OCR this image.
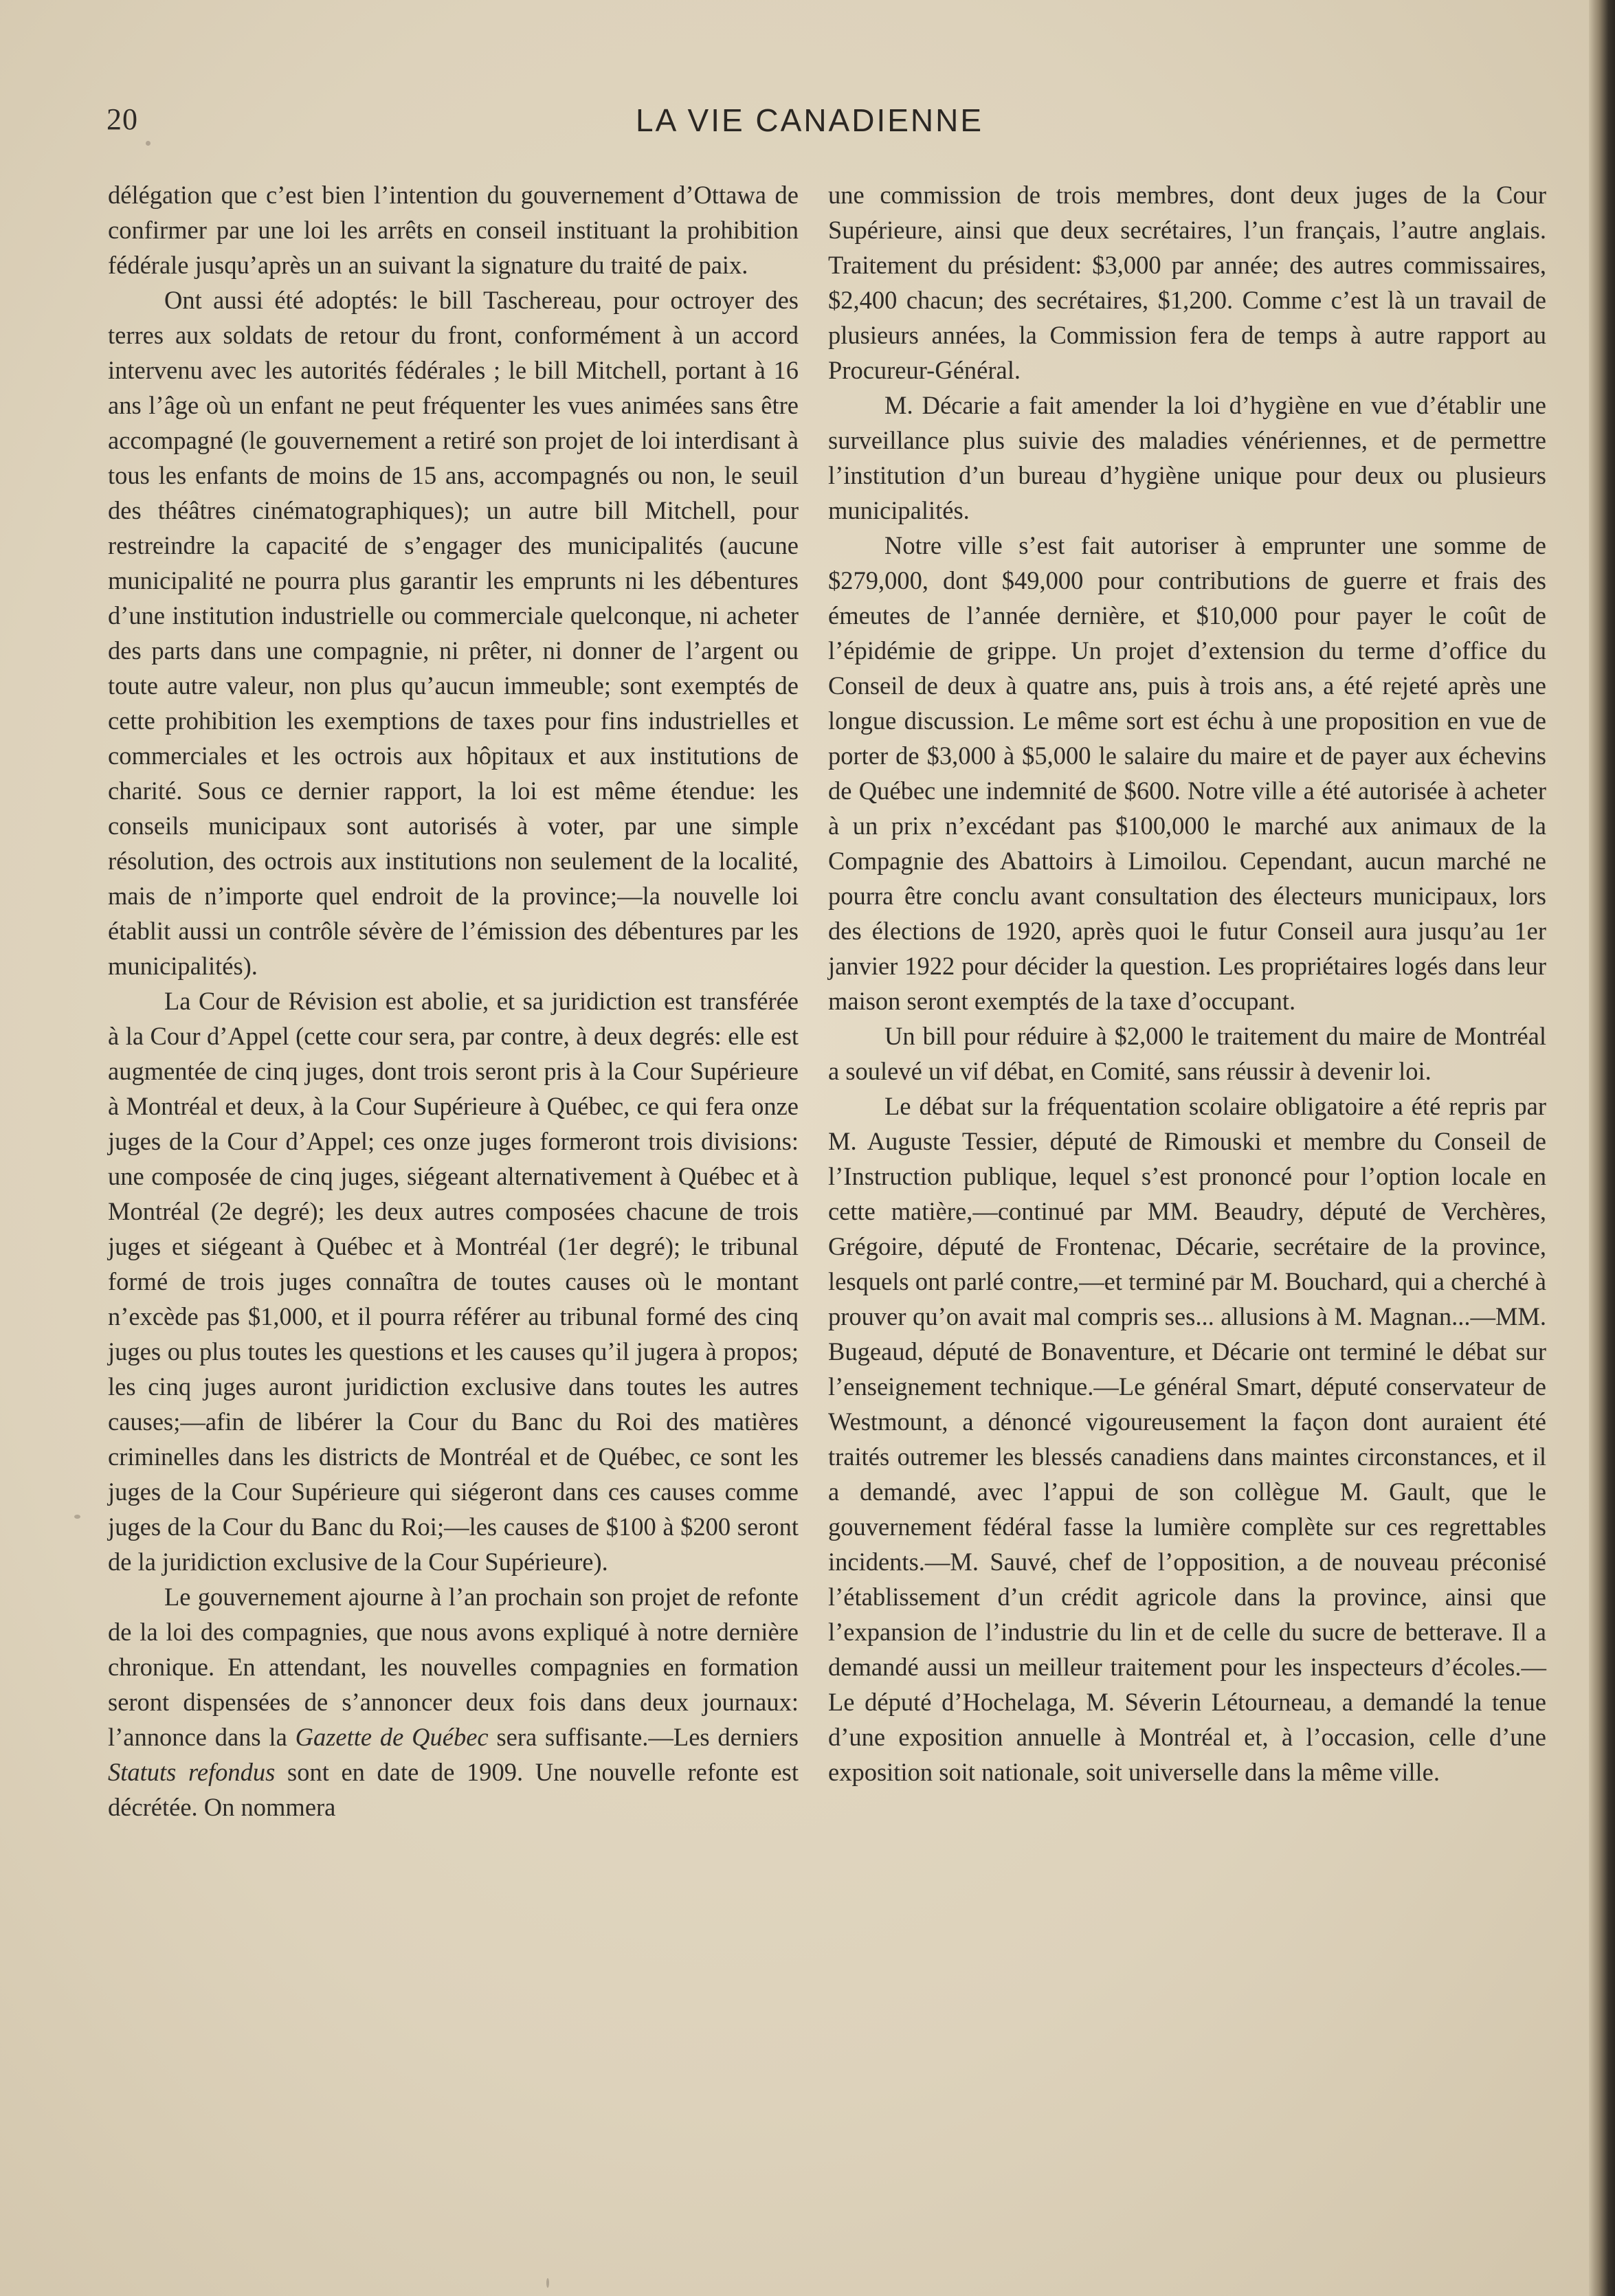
20	LA VIE CANADIENNE

délégation que c’est bien l’intention du gouvernement d’Ottawa de confirmer par une loi les arrêts en conseil instituant la prohibition fédérale jusqu’après un an suivant la signature du traité de paix.

Ont aussi été adoptés: le bill Taschereau, pour octroyer des terres aux soldats de retour du front, conformément à un accord intervenu avec les autorités fédérales ; le bill Mitchell, portant à 16 ans l’âge où un enfant ne peut fréquenter les vues animées sans être accompagné (le gouvernement a retiré son projet de loi interdisant à tous les enfants de moins de 15 ans, accompagnés ou non, le seuil des théâtres cinématographiques); un autre bill Mitchell, pour restreindre la capacité de s’engager des municipalités (aucune municipalité ne pourra plus garantir les emprunts ni les débentures d’une institution industrielle ou commerciale quelconque, ni acheter des parts dans une compagnie, ni prêter, ni donner de l’argent ou toute autre valeur, non plus qu’aucun immeuble; sont exemptés de cette prohibition les exemptions de taxes pour fins industrielles et commerciales et les octrois aux hôpitaux et aux institutions de charité. Sous ce dernier rapport, la loi est même étendue: les conseils municipaux sont autorisés à voter, par une simple résolution, des octrois aux institutions non seulement de la localité, mais de n’importe quel endroit de la province;—la nouvelle loi établit aussi un contrôle sévère de l’émission des débentures par les municipalités).

La Cour de Révision est abolie, et sa juridiction est transférée à la Cour d’Appel (cette cour sera, par contre, à deux degrés: elle est augmentée de cinq juges, dont trois seront pris à la Cour Supérieure à Montréal et deux, à la Cour Supérieure à Québec, ce qui fera onze juges de la Cour d’Appel; ces onze juges formeront trois divisions: une composée de cinq juges, siégeant alternativement à Québec et à Montréal (2e degré); les deux autres composées chacune de trois juges et siégeant à Québec et à Montréal (1er degré); le tribunal formé de trois juges connaîtra de toutes causes où le montant n’excède pas $1,000, et il pourra référer au tribunal formé des cinq juges ou plus toutes les questions et les causes qu’il jugera à propos; les cinq juges auront juridiction exclusive dans toutes les autres causes;—afin de libérer la Cour du Banc du Roi des matières criminelles dans les districts de Montréal et de Québec, ce sont les juges de la Cour Supérieure qui siégeront dans ces causes comme juges de la Cour du Banc du Roi;—les causes de $100 à $200 seront de la juridiction exclusive de la Cour Supérieure).

Le gouvernement ajourne à l’an prochain son projet de refonte de la loi des compagnies, que nous avons expliqué à notre dernière chronique. En attendant, les nouvelles compagnies en formation seront dispensées de s’annoncer deux fois dans deux journaux: l’annonce dans la Gazette de Québec sera suffisante.—Les derniers Statuts refondus sont en date de 1909. Une nouvelle refonte est décrétée. On nommera

une commission de trois membres, dont deux juges de la Cour Supérieure, ainsi que deux secrétaires, l’un français, l’autre anglais. Traitement du président: $3,000 par année; des autres commissaires, $2,400 chacun; des secrétaires, $1,200. Comme c’est là un travail de plusieurs années, la Commission fera de temps à autre rapport au Procureur-Général.

M. Décarie a fait amender la loi d’hygiène en vue d’établir une surveillance plus suivie des maladies vénériennes, et de permettre l’institution d’un bureau d’hygiène unique pour deux ou plusieurs municipalités.

Notre ville s’est fait autoriser à emprunter une somme de $279,000, dont $49,000 pour contributions de guerre et frais des émeutes de l’année dernière, et $10,000 pour payer le coût de l’épidémie de grippe. Un projet d’extension du terme d’office du Conseil de deux à quatre ans, puis à trois ans, a été rejeté après une longue discussion. Le même sort est échu à une proposition en vue de porter de $3,000 à $5,000 le salaire du maire et de payer aux échevins de Québec une indemnité de $600. Notre ville a été autorisée à acheter à un prix n’excédant pas $100,000 le marché aux animaux de la Compagnie des Abattoirs à Limoilou. Cependant, aucun marché ne pourra être conclu avant consultation des électeurs municipaux, lors des élections de 1920, après quoi le futur Conseil aura jusqu’au 1er janvier 1922 pour décider la question. Les propriétaires logés dans leur maison seront exemptés de la taxe d’occupant.

Un bill pour réduire à $2,000 le traitement du maire de Montréal a soulevé un vif débat, en Comité, sans réussir à devenir loi.

Le débat sur la fréquentation scolaire obligatoire a été repris par M. Auguste Tessier, député de Rimouski et membre du Conseil de l’Instruction publique, lequel s’est prononcé pour l’option locale en cette matière,—continué par MM. Beaudry, député de Verchères, Grégoire, député de Frontenac, Décarie, secrétaire de la province, lesquels ont parlé contre,—et terminé par M. Bouchard, qui a cherché à prouver qu’on avait mal compris ses... allusions à M. Magnan...—MM. Bugeaud, député de Bonaventure, et Décarie ont terminé le débat sur l’enseignement technique.—Le général Smart, député conservateur de Westmount, a dénoncé vigoureusement la façon dont auraient été traités outremer les blessés canadiens dans maintes circonstances, et il a demandé, avec l’appui de son collègue M. Gault, que le gouvernement fédéral fasse la lumière complète sur ces regrettables incidents.—M. Sauvé, chef de l’opposition, a de nouveau préconisé l’établissement d’un crédit agricole dans la province, ainsi que l’expansion de l’industrie du lin et de celle du sucre de betterave. Il a demandé aussi un meilleur traitement pour les inspecteurs d’écoles.—Le député d’Hochelaga, M. Séverin Létourneau, a demandé la tenue d’une exposition annuelle à Montréal et, à l’occasion, celle d’une exposition soit nationale, soit universelle dans la même ville.
